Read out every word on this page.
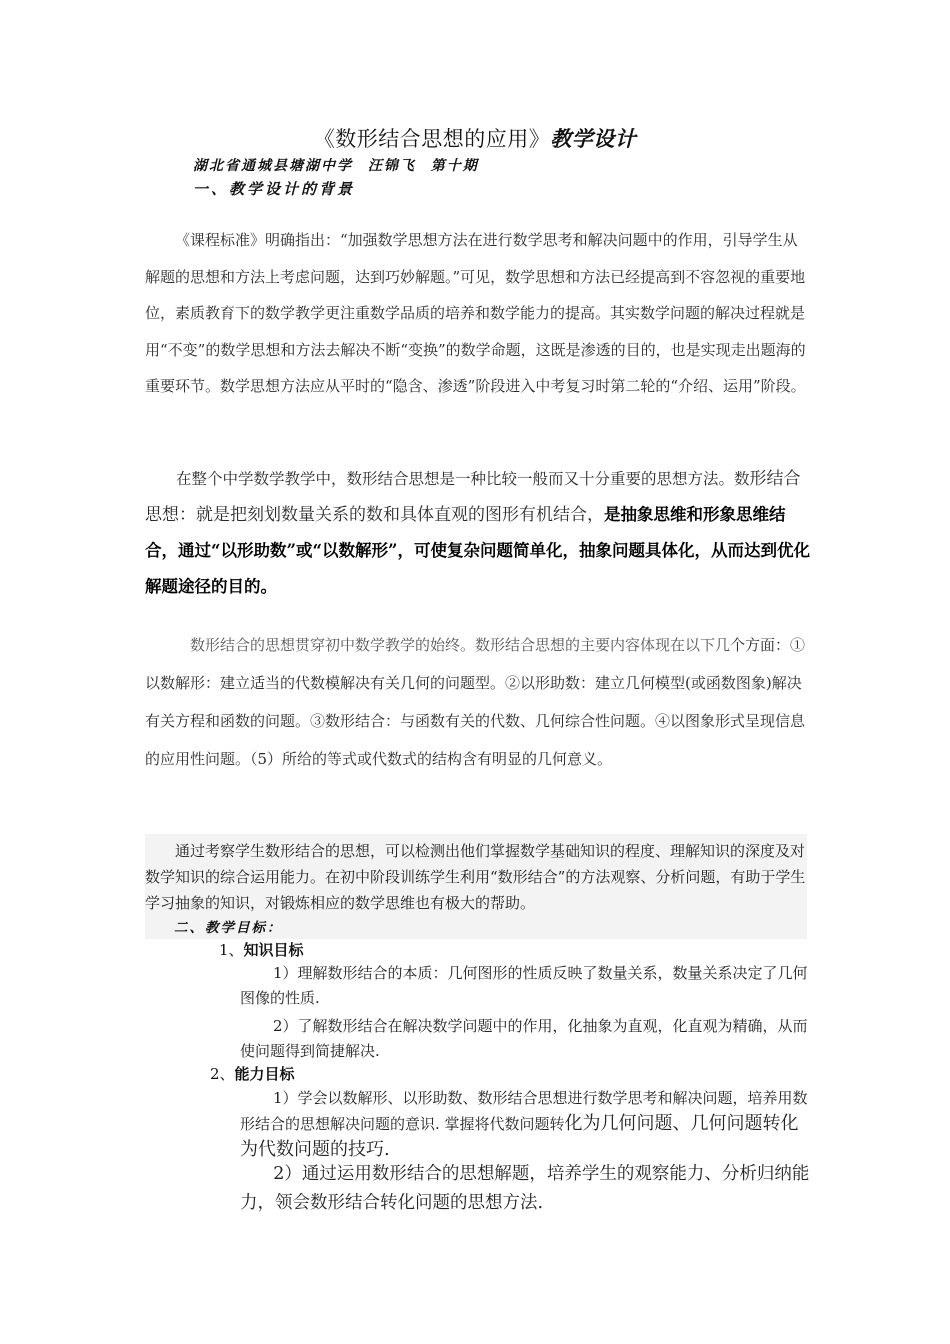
《数形结合思想的应用》教学设计
湖北省通城县塘湖中学 汪锦飞 第十期
一、教学设计的背景

《课程标准》明确指出：“加强数学思想方法在进行数学思考和解决问题中的作用，引导学生从解题的思想和方法上考虑问题，达到巧妙解题。”可见，数学思想和方法已经提高到不容忽视的重要地位，素质教育下的数学教学更注重数学品质的培养和数学能力的提高。其实数学问题的解决过程就是用“不变”的数学思想和方法去解决不断“变换”的数学命题，这既是渗透的目的，也是实现走出题海的重要环节。数学思想方法应从平时的“隐含、渗透”阶段进入中考复习时第二轮的“介绍、运用”阶段。

在整个中学数学教学中，数形结合思想是一种比较一般而又十分重要的思想方法。数形结合思想：就是把刻划数量关系的数和具体直观的图形有机结合，是抽象思维和形象思维结合，通过“以形助数”或“以数解形”，可使复杂问题简单化，抽象问题具体化，从而达到优化解题途径的目的。

数形结合的思想贯穿初中数学教学的始终。数形结合思想的主要内容体现在以下几个方面：①以数解形：建立适当的代数模解决有关几何的问题型。②以形助数：建立几何模型(或函数图象)解决有关方程和函数的问题。③数形结合：与函数有关的代数、几何综合性问题。④以图象形式呈现信息的应用性问题。（5）所给的等式或代数式的结构含有明显的几何意义。

通过考察学生数形结合的思想，可以检测出他们掌握数学基础知识的程度、理解知识的深度及对数学知识的综合运用能力。在初中阶段训练学生利用“数形结合”的方法观察、分析问题，有助于学生学习抽象的知识，对锻炼相应的数学思维也有极大的帮助。
二、教学目标：
1、知识目标
1）理解数形结合的本质：几何图形的性质反映了数量关系，数量关系决定了几何图像的性质.
2）了解数形结合在解决数学问题中的作用，化抽象为直观，化直观为精确，从而使问题得到简捷解决.
2、能力目标
1）学会以数解形、以形助数、数形结合思想进行数学思考和解决问题，培养用数形结合的思想解决问题的意识. 掌握将代数问题转化为几何问题、几何问题转化为代数问题的技巧.
2）通过运用数形结合的思想解题，培养学生的观察能力、分析归纳能力，领会数形结合转化问题的思想方法.
